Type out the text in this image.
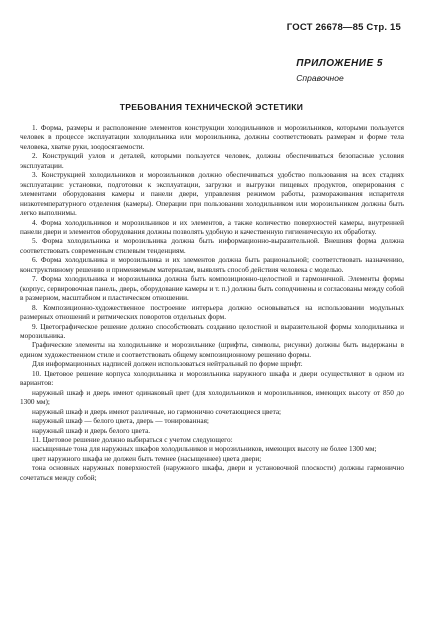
ГОСТ 26678—85 Стр. 15
ПРИЛОЖЕНИЕ 5
Справочное
ТРЕБОВАНИЯ ТЕХНИЧЕСКОЙ ЭСТЕТИКИ

1. Форма, размеры и расположение элементов конструкции холодильников и морозильников, которыми пользуется человек в процессе эксплуатации холодильника или морозильника, должны соответствовать размерам и форме тела человека, хватке руки, зоодосягаемости.

2. Конструкций узлов и деталей, которыми пользуется человек, должны обеспечиваться безопасные условия эксплуатации.

3. Конструкцией холодильников и морозильников должно обеспечиваться удобство пользования на всех стадиях эксплуатации: установки, подготовки к эксплуатации, загрузки и выгрузки пищевых продуктов, оперирования с элементами оборудования камеры и панели двери, управления режимом работы, размораживания испарителя низкотемпературного отделения (камеры). Операции при пользовании холодильником или морозильником должны быть легко выполнимы.

4. Форма холодильников и морозильников и их элементов, а также количество поверхностей камеры, внутренней панели двери и элементов оборудования должны позволять удобную и качественную гигиеническую их обработку.

5. Форма холодильника и морозильника должна быть информационно-выразительной. Внешняя форма должна соответствовать современным стилевым тенденциям.

6. Форма холодильника и морозильника и их элементов должна быть рациональной; соответствовать назначению, конструктивному решению и применяемым материалам, выявлять способ действия человека с моделью.

7. Форма холодильника и морозильника должна быть композиционно-целостной и гармоничной. Элементы формы (корпус, сервировочная панель, дверь, оборудование камеры и т. п.) должны быть соподчинены и согласованы между собой в размерном, масштабном и пластическом отношении.

8. Композиционно-художественное построение интерьера должно основываться на использовании модульных размерных отношений и ритмических поворотов отдельных форм.

9. Цветографическое решение должно способствовать созданию целостной и выразительной формы холодильника и морозильника.

Графические элементы на холодильнике и морозильнике (шрифты, символы, рисунки) должны быть выдержаны в едином художественном стиле и соответствовать общему композиционному решению формы.

Для информационных надписей должен использоваться нейтральный по форме шрифт.

10. Цветовое решение корпуса холодильника и морозильника наружного шкафа и двери осуществляют в одном из вариантов:

наружный шкаф и дверь имеют одинаковый цвет (для холодильников и морозильников, имеющих высоту от 850 до 1300 мм);

наружный шкаф и дверь имеют различные, но гармонично сочетающиеся цвета;

наружный шкаф — белого цвета, дверь — тонированная;

наружный шкаф и дверь белого цвета.

11. Цветовое решение должно выбираться с учетом следующего:

насыщенные тона для наружных шкафов холодильников и морозильников, имеющих высоту не более 1300 мм;

цвет наружного шкафа не должен быть темнее (насыщеннее) цвета двери;

тона основных наружных поверхностей (наружного шкафа, двери и установочной плоскости) должны гармонично сочетаться между собой;
